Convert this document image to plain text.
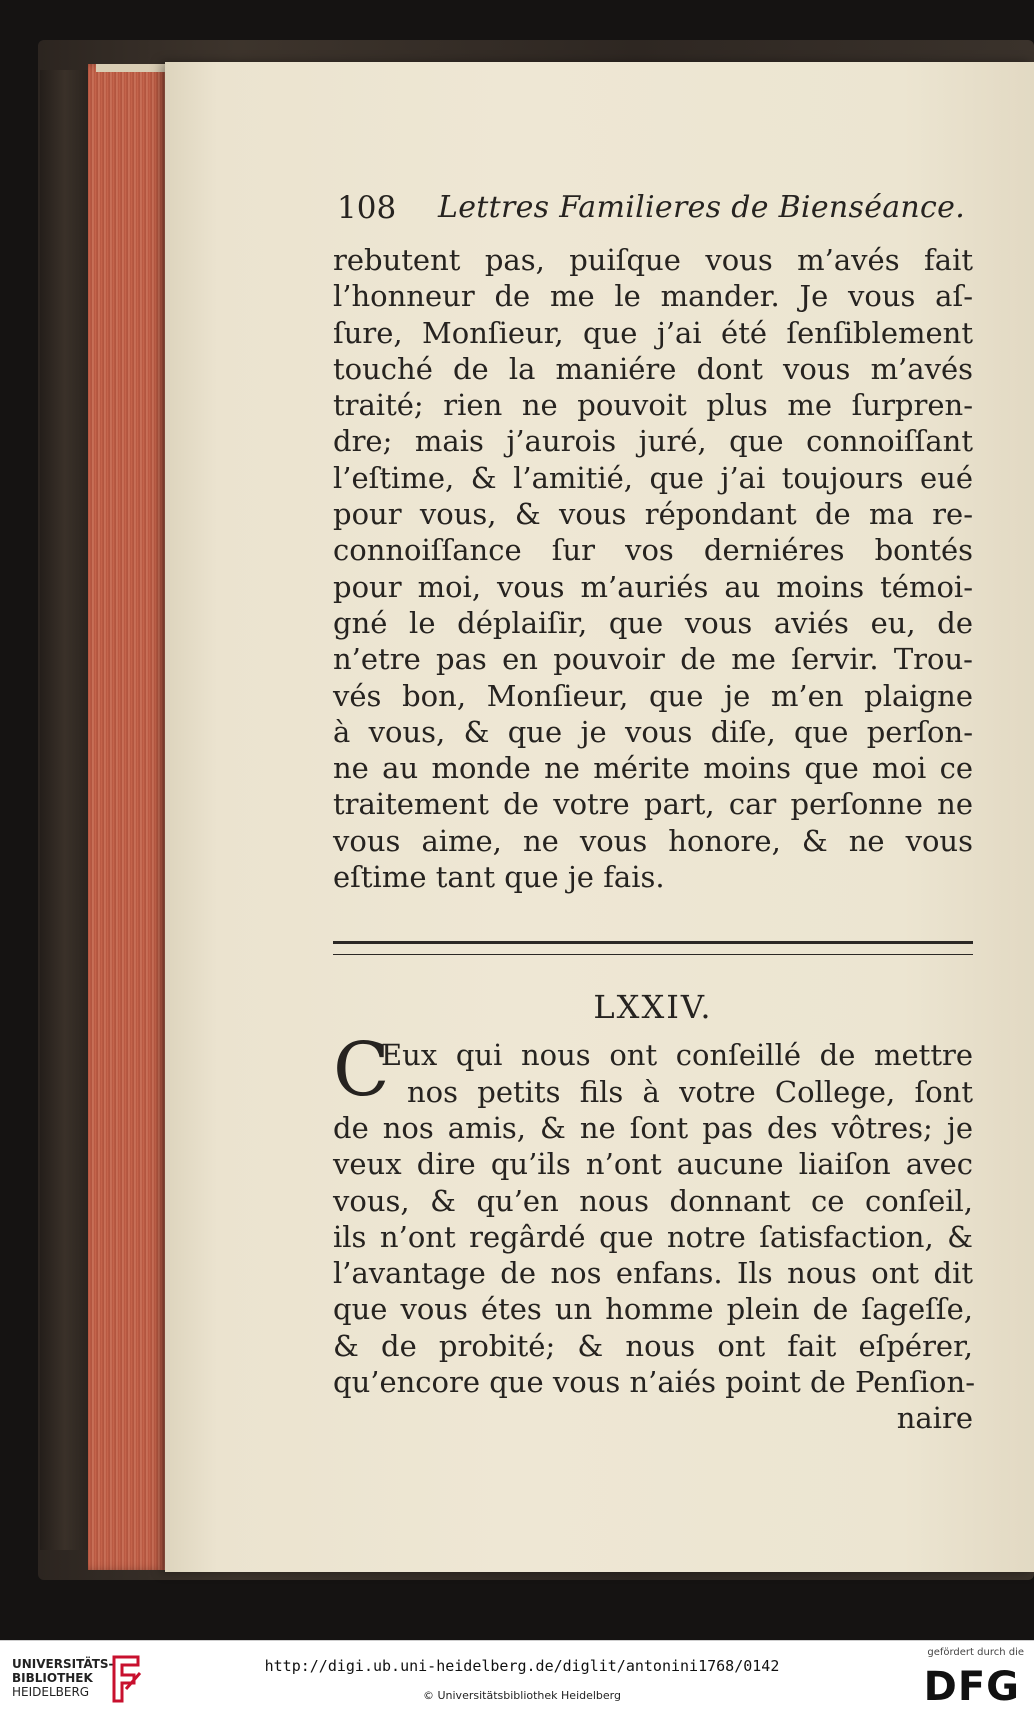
108 Lettres Familieres de Bienséance.
rebutent pas, puiſque vous m’avés fait
l’honneur de me le mander. Je vous aſ-
ſure, Monſieur, que j’ai été ſenſiblement
touché de la maniére dont vous m’avés
traité; rien ne pouvoit plus me ſurpren-
dre; mais j’aurois juré, que connoiſſant
l’eſtime, & l’amitié, que j’ai toujours eué
pour vous, & vous répondant de ma re-
connoiſſance ſur vos derniéres bontés
pour moi, vous m’auriés au moins témoi-
gné le déplaiſir, que vous aviés eu, de
n’etre pas en pouvoir de me ſervir. Trou-
vés bon, Monſieur, que je m’en plaigne
à vous, & que je vous diſe, que perſon-
ne au monde ne mérite moins que moi ce
traitement de votre part, car perſonne ne
vous aime, ne vous honore, & ne vous
eſtime tant que je fais.
LXXIV.
C
Eux qui nous ont conſeillé de mettre
nos petits fils à votre College, ſont
de nos amis, & ne ſont pas des vôtres; je
veux dire qu’ils n’ont aucune liaiſon avec
vous, & qu’en nous donnant ce conſeil,
ils n’ont regârdé que notre ſatisfaction, &
l’avantage de nos enfans. Ils nous ont dit
que vous étes un homme plein de ſageſſe,
& de probité; & nous ont fait eſpérer,
qu’encore que vous n’aiés point de Penſion-
naire
UNIVERSITÄTS-
BIBLIOTHEK
HEIDELBERG
http://digi.ub.uni-heidelberg.de/diglit/antonini1768/0142
© Universitätsbibliothek Heidelberg
gefördert durch die
DFG
